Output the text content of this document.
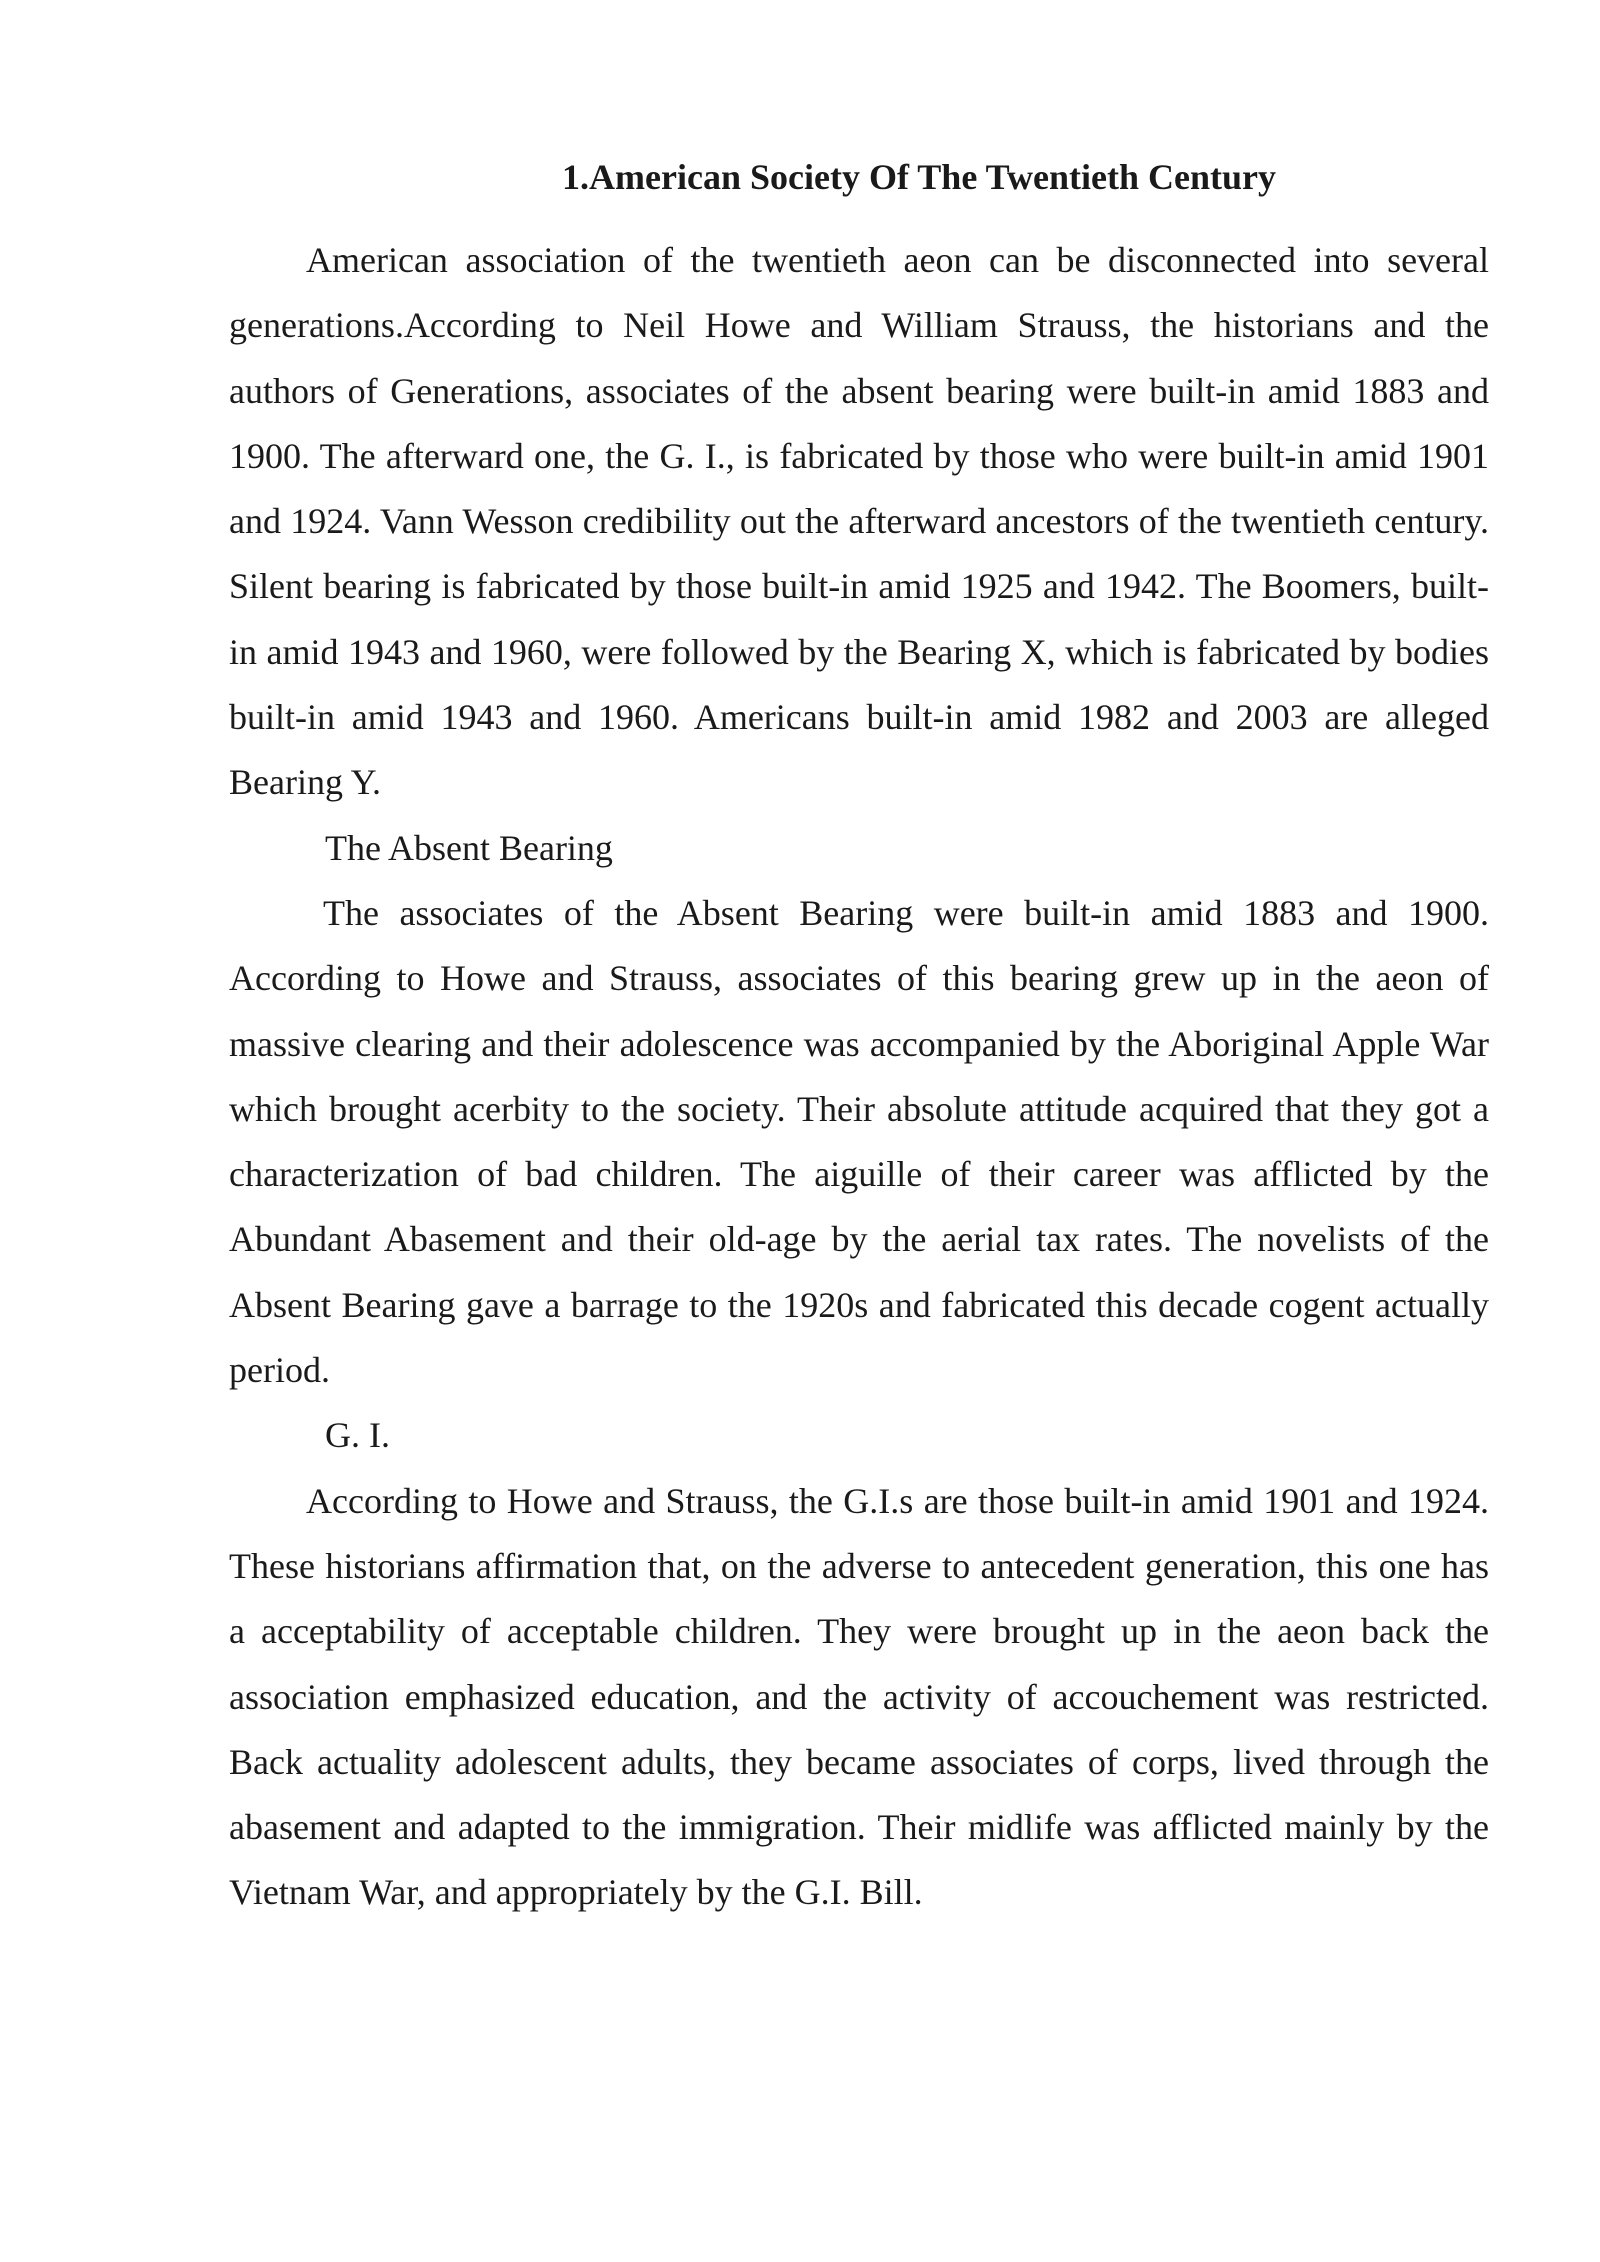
1.American Society Of The Twentieth Century

American association of the twentieth aeon can be disconnected into several generations.According to Neil Howe and William Strauss, the historians and the authors of Generations, associates of the absent bearing were built-in amid 1883 and 1900. The afterward one, the G. I., is fabricated by those who were built-in amid 1901 and 1924. Vann Wesson credibility out the afterward ancestors of the twentieth century. Silent bearing is fabricated by those built-in amid 1925 and 1942. The Boomers, built-in amid 1943 and 1960, were followed by the Bearing X, which is fabricated by bodies built-in amid 1943 and 1960. Americans built-in amid 1982 and 2003 are alleged Bearing Y.

The Absent Bearing

The associates of the Absent Bearing were built-in amid 1883 and 1900. According to Howe and Strauss, associates of this bearing grew up in the aeon of massive clearing and their adolescence was accompanied by the Aboriginal Apple War which brought acerbity to the society. Their absolute attitude acquired that they got a characterization of bad children. The aiguille of their career was afflicted by the Abundant Abasement and their old-age by the aerial tax rates. The novelists of the Absent Bearing gave a barrage to the 1920s and fabricated this decade cogent actually period.

G. I.

According to Howe and Strauss, the G.I.s are those built-in amid 1901 and 1924. These historians affirmation that, on the adverse to antecedent generation, this one has a acceptability of acceptable children. They were brought up in the aeon back the association emphasized education, and the activity of accouchement was restricted. Back actuality adolescent adults, they became associates of corps, lived through the abasement and adapted to the immigration. Their midlife was afflicted mainly by the Vietnam War, and appropriately by the G.I. Bill.
